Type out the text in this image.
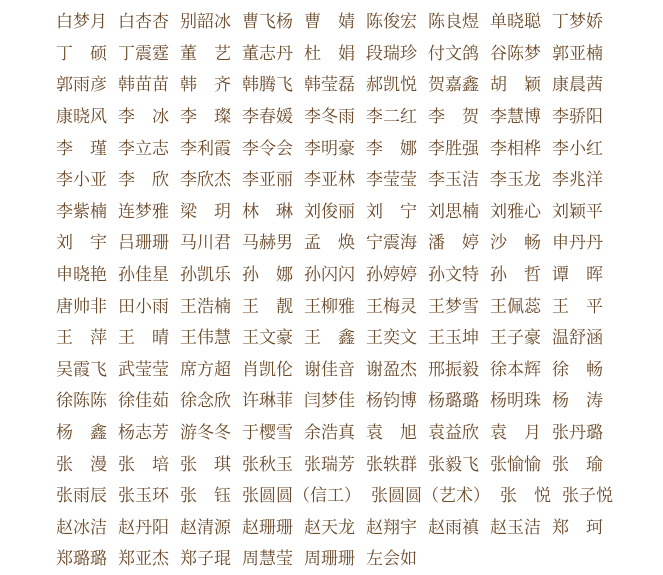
白梦月 白杏杏 别韶冰 曹飞杨 曹　婧 陈俊宏 陈良煜 单晓聪 丁梦娇
丁　硕 丁震霆 董　艺 董志丹 杜　娟 段瑞珍 付文鸽 谷陈梦 郭亚楠
郭雨彦 韩苗苗 韩　齐 韩腾飞 韩莹磊 郝凯悦 贺嘉鑫 胡　颖 康晨茜
康晓风 李　冰 李　璨 李春媛 李冬雨 李二红 李　贺 李慧博 李骄阳
李　瑾 李立志 李利霞 李令会 李明豪 李　娜 李胜强 李相桦 李小红
李小亚 李　欣 李欣杰 李亚丽 李亚林 李莹莹 李玉洁 李玉龙 李兆洋
李紫楠 连梦雅 梁　玥 林　琳 刘俊丽 刘　宁 刘思楠 刘雅心 刘颖平
刘　宇 吕珊珊 马川君 马赫男 孟　焕 宁震海 潘　婷 沙　畅 申丹丹
申晓艳 孙佳星 孙凯乐 孙　娜 孙闪闪 孙婷婷 孙文特 孙　哲 谭　晖
唐帅非 田小雨 王浩楠 王　靓 王柳雅 王梅灵 王梦雪 王佩蕊 王　平
王　萍 王　晴 王伟慧 王文豪 王　鑫 王奕文 王玉坤 王子豪 温舒涵
吴霞飞 武莹莹 席方超 肖凯伦 谢佳音 谢盈杰 邢振毅 徐本辉 徐　畅
徐陈陈 徐佳茹 徐念欣 许琳菲 闫梦佳 杨钧博 杨璐璐 杨明珠 杨　涛
杨　鑫 杨志芳 游冬冬 于樱雪 余浩真 袁　旭 袁益欣 袁　月 张丹璐
张　漫 张　培 张　琪 张秋玉 张瑞芳 张轶群 张毅飞 张愉愉 张　瑜
张雨辰 张玉环 张　钰 张圆圆（信工） 张圆圆（艺术） 张　悦 张子悦
赵冰洁 赵丹阳 赵清源 赵珊珊 赵天龙 赵翔宇 赵雨禛 赵玉洁 郑　珂
郑璐璐 郑亚杰 郑子琨 周慧莹 周珊珊 左会如
